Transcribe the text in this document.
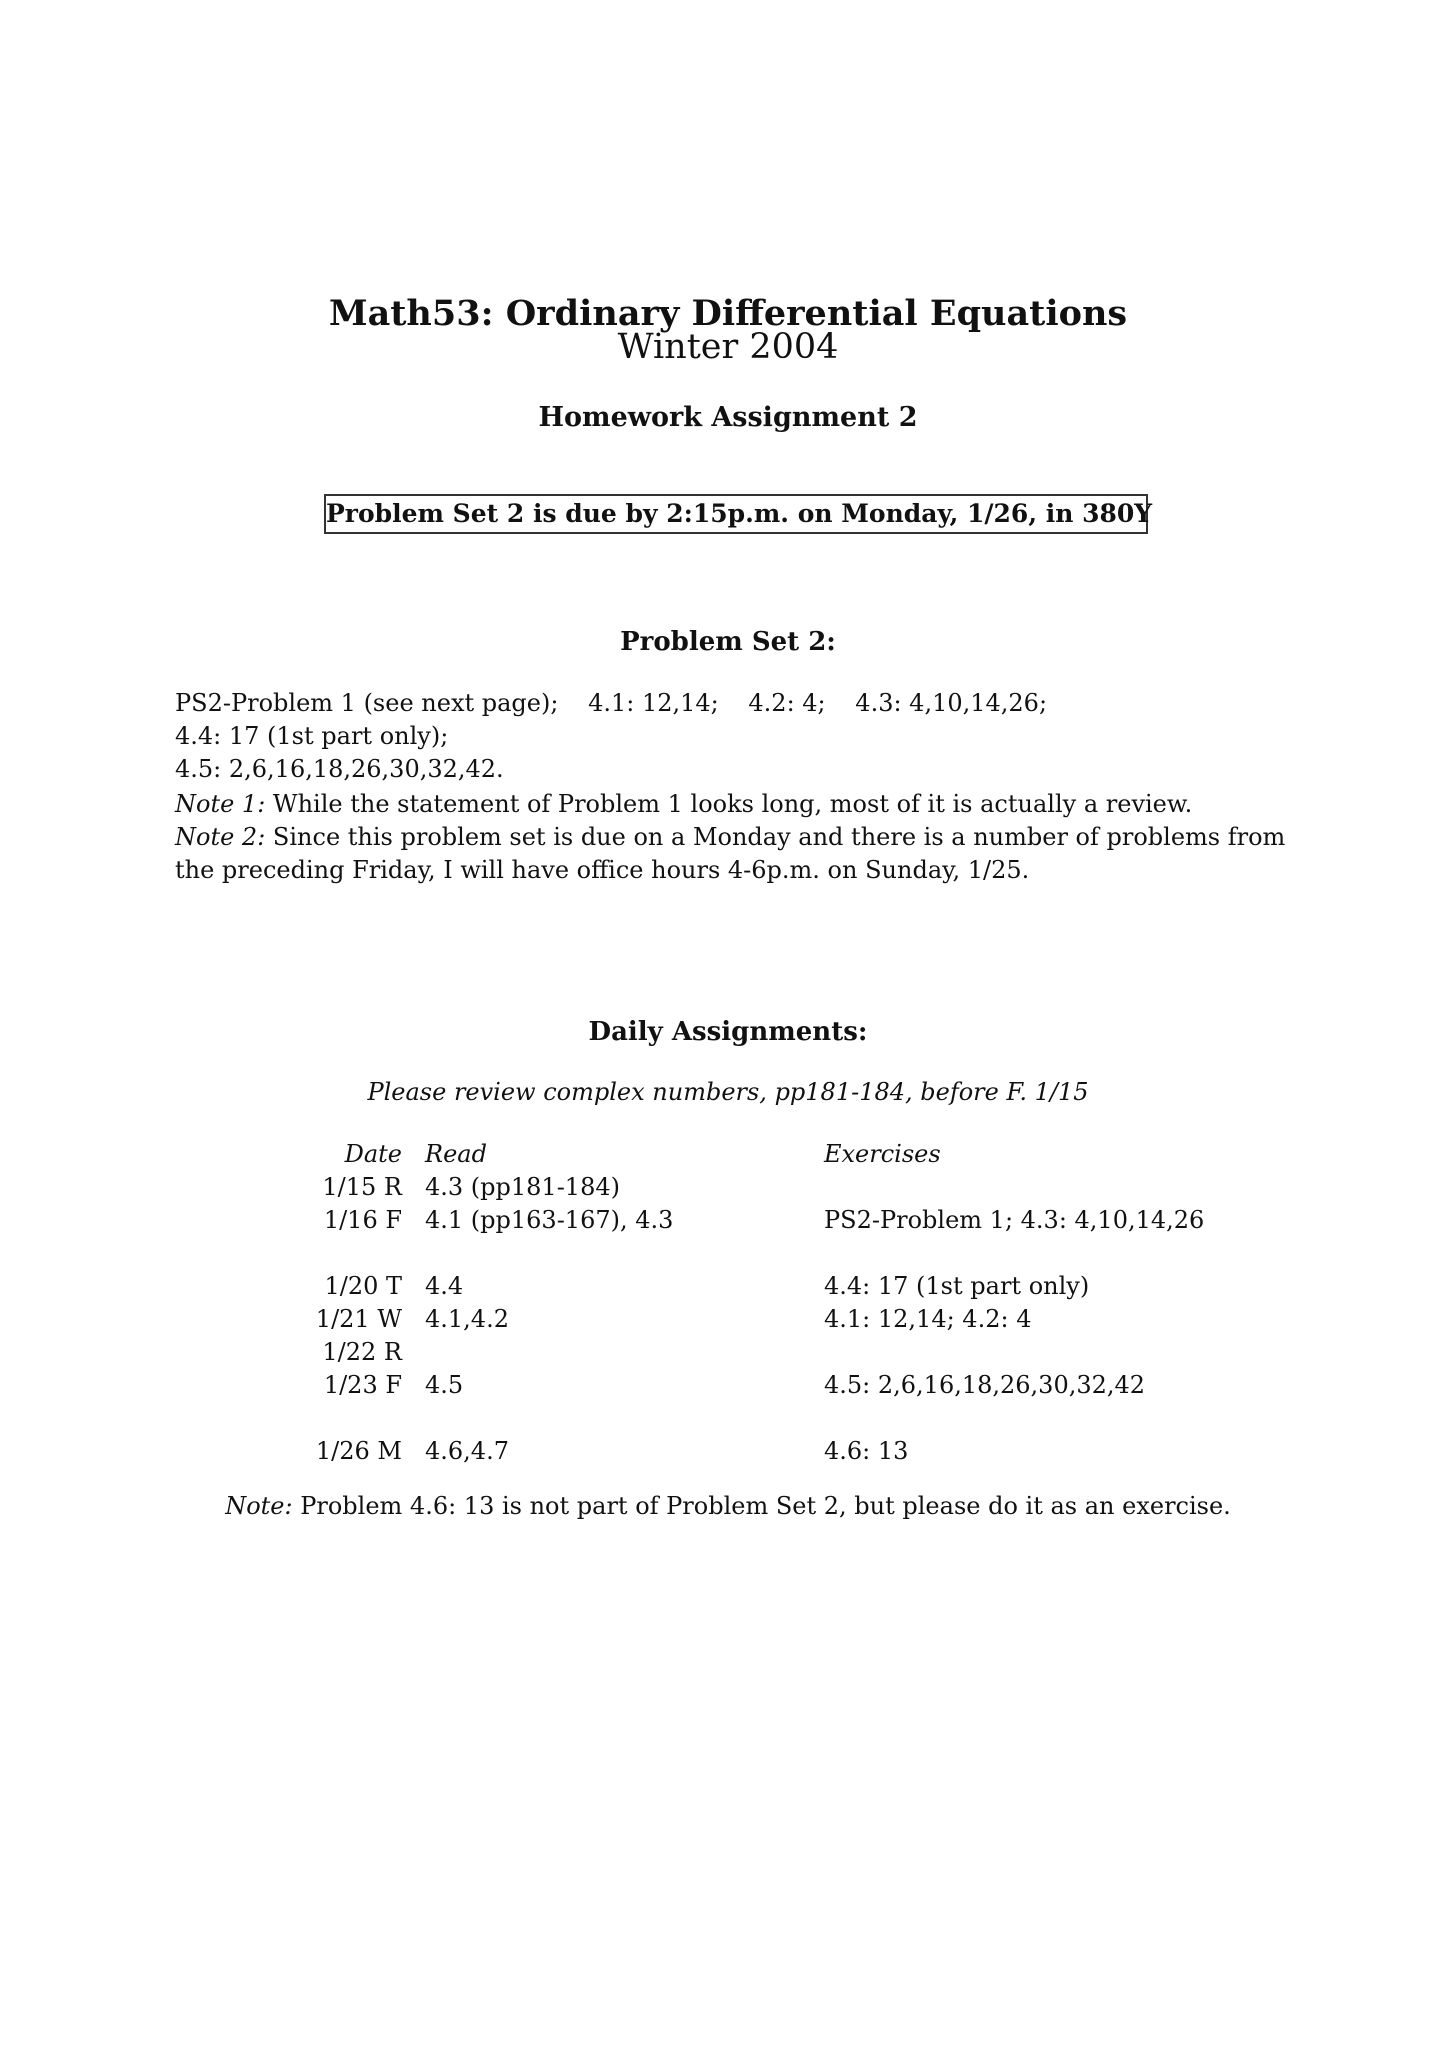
Math53: Ordinary Differential Equations
Winter 2004
Homework Assignment 2
Problem Set 2 is due by 2:15p.m. on Monday, 1/26, in 380Y
Problem Set 2:

PS2-Problem 1 (see next page); 4.1: 12,14; 4.2: 4; 4.3: 4,10,14,26; 4.4: 17 (1st part only);
4.5: 2,6,16,18,26,30,32,42.

Note 1: While the statement of Problem 1 looks long, most of it is actually a review.

Note 2: Since this problem set is due on a Monday and there is a number of problems from the preceding Friday, I will have office hours 4-6p.m. on Sunday, 1/25.

Daily Assignments:

Please review complex numbers, pp181-184, before F. 1/15

Date Read	Exercises
1/15 R 4.3 (pp181-184)
1/16 F 4.1 (pp163-167), 4.3	PS2-Problem 1; 4.3: 4,10,14,26
1/20 T 4.4	4.4: 17 (1st part only)
1/21 W 4.1,4.2	4.1: 12,14; 4.2: 4
1/22 R
1/23 F 4.5	4.5: 2,6,16,18,26,30,32,42
1/26 M 4.6,4.7	4.6: 13

Note: Problem 4.6: 13 is not part of Problem Set 2, but please do it as an exercise.
